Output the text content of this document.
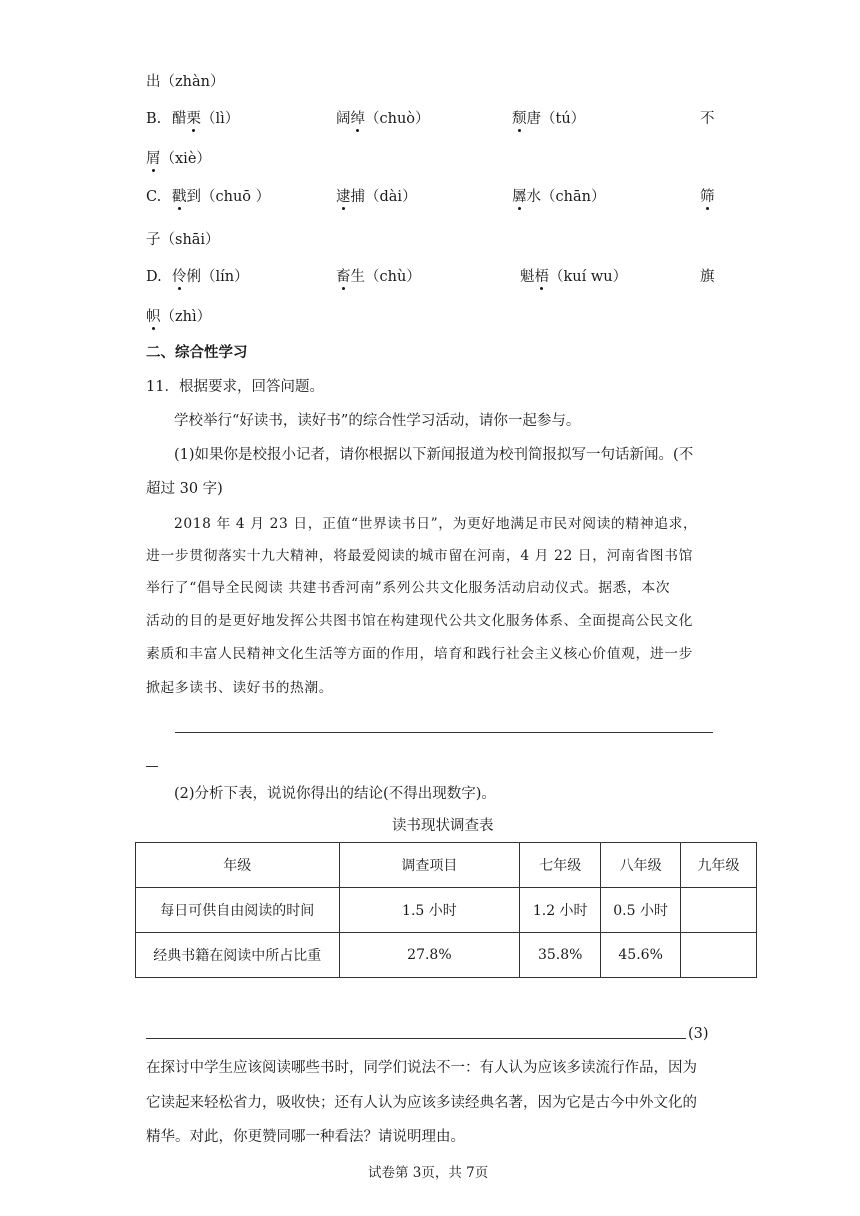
出（zhàn）
B. 醋栗（lì）	阔绰（chuò）	颓唐（tú）	不
屑（xiè）
C. 戳到（chuō ）	逮捕（dài）	羼水（chān）	筛
子（shāi）
D. 伶俐（lín）	畜生（chù）	魁梧（kuí wu）	旗
帜（zhì）
二、综合性学习
11．根据要求，回答问题。
学校举行“好读书，读好书”的综合性学习活动，请你一起参与。
(1)如果你是校报小记者，请你根据以下新闻报道为校刊简报拟写一句话新闻。(不
超过 30 字)
2018 年 4 月 23 日，正值“世界读书日”，为更好地满足市民对阅读的精神追求，
进一步贯彻落实十九大精神，将最爱阅读的城市留在河南，4 月 22 日，河南省图书馆
举行了“倡导全民阅读 共建书香河南”系列公共文化服务活动启动仪式。据悉，本次
活动的目的是更好地发挥公共图书馆在构建现代公共文化服务体系、全面提高公民文化
素质和丰富人民精神文化生活等方面的作用，培育和践行社会主义核心价值观，进一步
掀起多读书、读好书的热潮。
(2)分析下表，说说你得出的结论(不得出现数字)。
读书现状调查表
年级	调查项目	七年级	八年级	九年级
每日可供自由阅读的时间	1.5 小时	1.2 小时	0.5 小时	
经典书籍在阅读中所占比重	27.8%	35.8%	45.6%	
(3)
在探讨中学生应该阅读哪些书时，同学们说法不一：有人认为应该多读流行作品，因为
它读起来轻松省力，吸收快；还有人认为应该多读经典名著，因为它是古今中外文化的
精华。对此，你更赞同哪一种看法？请说明理由。
试卷第 3页，共 7页
